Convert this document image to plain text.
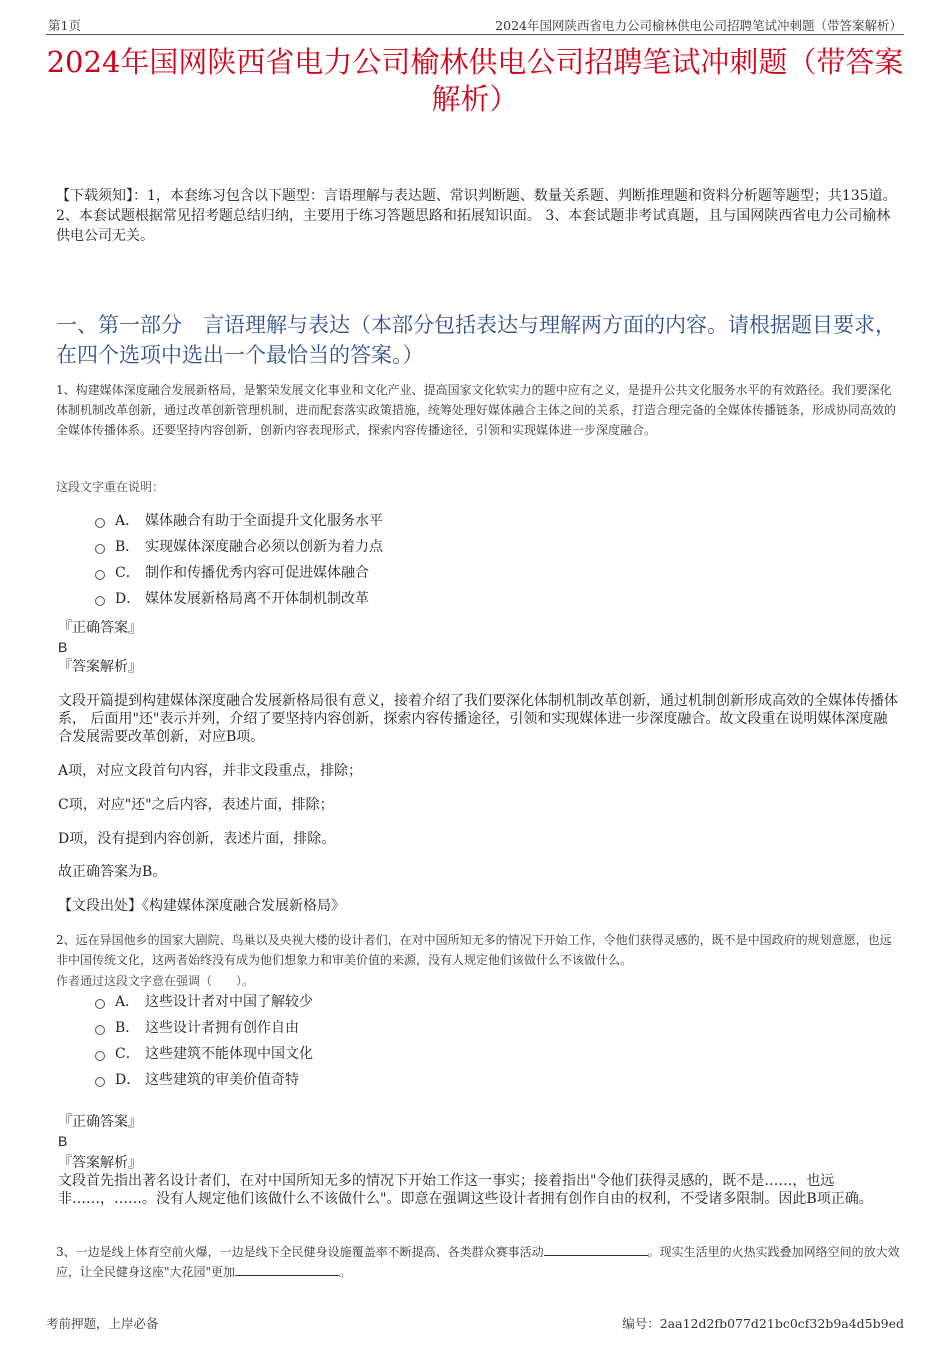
第1页	2024年国网陕西省电力公司榆林供电公司招聘笔试冲刺题（带答案解析）
2024年国网陕西省电力公司榆林供电公司招聘笔试冲刺题（带答案解析）
【下载须知】：1，本套练习包含以下题型：言语理解与表达题、常识判断题、数量关系题、判断推理题和资料分析题等题型；共135道。 2、本套试题根据常见招考题总结归纳，主要用于练习答题思路和拓展知识面。 3、本套试题非考试真题，且与国网陕西省电力公司榆林供电公司无关。
一、第一部分　言语理解与表达（本部分包括表达与理解两方面的内容。请根据题目要求，在四个选项中选出一个最恰当的答案。）
1、构建媒体深度融合发展新格局，是繁荣发展文化事业和文化产业、提高国家文化软实力的题中应有之义，是提升公共文化服务水平的有效路径。我们要深化体制机制改革创新，通过改革创新管理机制，进而配套落实政策措施，统筹处理好媒体融合主体之间的关系，打造合理完备的全媒体传播链条，形成协同高效的全媒体传播体系。还要坚持内容创新，创新内容表现形式，探索内容传播途径，引领和实现媒体进一步深度融合。
这段文字重在说明：
A． 媒体融合有助于全面提升文化服务水平
B． 实现媒体深度融合必须以创新为着力点
C． 制作和传播优秀内容可促进媒体融合
D． 媒体发展新格局离不开体制机制改革
『正确答案』
B
『答案解析』
文段开篇提到构建媒体深度融合发展新格局很有意义，接着介绍了我们要深化体制机制改革创新，通过机制创新形成高效的全媒体传播体系， 后面用"还"表示并列，介绍了要坚持内容创新，探索内容传播途径，引领和实现媒体进一步深度融合。故文段重在说明媒体深度融合发展需要改革创新，对应B项。
A项，对应文段首句内容，并非文段重点，排除；
C项，对应"还"之后内容，表述片面，排除；
D项，没有提到内容创新，表述片面，排除。
故正确答案为B。
【文段出处】《构建媒体深度融合发展新格局》
2、远在异国他乡的国家大剧院、鸟巢以及央视大楼的设计者们，在对中国所知无多的情况下开始工作，令他们获得灵感的，既不是中国政府的规划意愿，也远非中国传统文化，这两者始终没有成为他们想象力和审美价值的来源，没有人规定他们该做什么不该做什么。
作者通过这段文字意在强调（　　）。
A． 这些设计者对中国了解较少
B． 这些设计者拥有创作自由
C． 这些建筑不能体现中国文化
D． 这些建筑的审美价值奇特
『正确答案』
B
『答案解析』
文段首先指出著名设计者们，在对中国所知无多的情况下开始工作这一事实；接着指出"令他们获得灵感的，既不是……，也远非……，……。没有人规定他们该做什么不该做什么"。即意在强调这些设计者拥有创作自由的权利，不受诸多限制。因此B项正确。
3、一边是线上体育空前火爆，一边是线下全民健身设施覆盖率不断提高、各类群众赛事活动	。现实生活里的火热实践叠加网络空间的放大效应，让全民健身这座"大花园"更加	。
考前押题，上岸必备	编号：2aa12d2fb077d21bc0cf32b9a4d5b9ed
